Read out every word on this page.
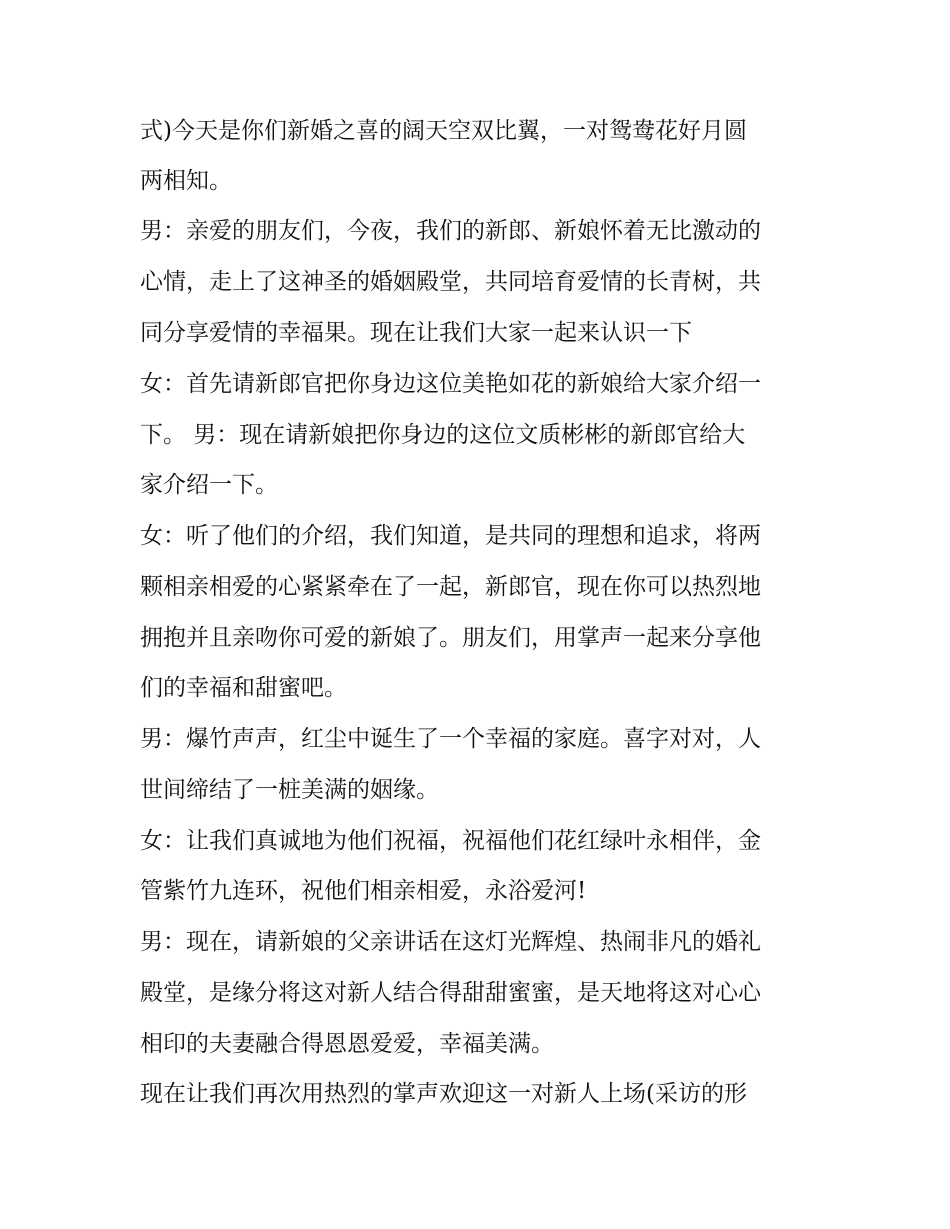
式)今天是你们新婚之喜的阔天空双比翼，一对鸳鸯花好月圆
两相知。
男：亲爱的朋友们，今夜，我们的新郎、新娘怀着无比激动的
心情，走上了这神圣的婚姻殿堂，共同培育爱情的长青树，共
同分享爱情的幸福果。现在让我们大家一起来认识一下
女：首先请新郎官把你身边这位美艳如花的新娘给大家介绍一
下。 男：现在请新娘把你身边的这位文质彬彬的新郎官给大
家介绍一下。
女：听了他们的介绍，我们知道，是共同的理想和追求，将两
颗相亲相爱的心紧紧牵在了一起，新郎官，现在你可以热烈地
拥抱并且亲吻你可爱的新娘了。朋友们，用掌声一起来分享他
们的幸福和甜蜜吧。
男：爆竹声声，红尘中诞生了一个幸福的家庭。喜字对对，人
世间缔结了一桩美满的姻缘。
女：让我们真诚地为他们祝福，祝福他们花红绿叶永相伴，金
管紫竹九连环，祝他们相亲相爱，永浴爱河!
男：现在，请新娘的父亲讲话在这灯光辉煌、热闹非凡的婚礼
殿堂，是缘分将这对新人结合得甜甜蜜蜜，是天地将这对心心
相印的夫妻融合得恩恩爱爱，幸福美满。
现在让我们再次用热烈的掌声欢迎这一对新人上场(采访的形
